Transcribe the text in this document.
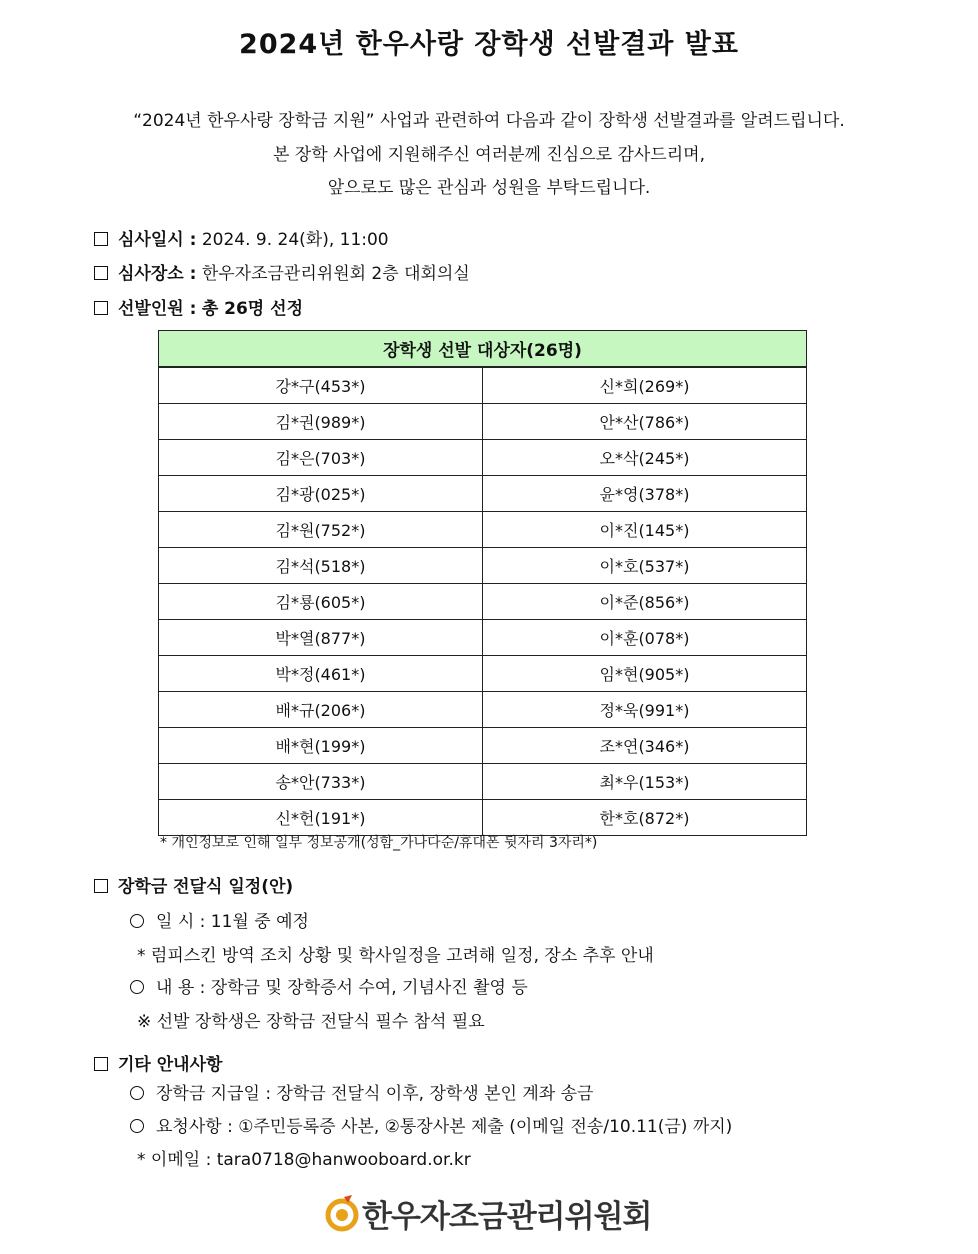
2024년 한우사랑 장학생 선발결과 발표
“2024년 한우사랑 장학금 지원” 사업과 관련하여 다음과 같이 장학생 선발결과를 알려드립니다.
본 장학 사업에 지원해주신 여러분께 진심으로 감사드리며,
앞으로도 많은 관심과 성원을 부탁드립니다.
심사일시 : 2024. 9. 24(화), 11:00
심사장소 : 한우자조금관리위원회 2층 대회의실
선발인원 : 총 26명 선정
장학생 선발 대상자(26명)	
강*구(453*)	신*희(269*)
김*권(989*)	안*산(786*)
김*은(703*)	오*삭(245*)
김*광(025*)	윤*영(378*)
김*원(752*)	이*진(145*)
김*석(518*)	이*호(537*)
김*룡(605*)	이*준(856*)
박*열(877*)	이*훈(078*)
박*정(461*)	임*현(905*)
배*규(206*)	정*욱(991*)
배*현(199*)	조*연(346*)
송*안(733*)	최*우(153*)
신*헌(191*)	한*호(872*)
* 개인정보로 인해 일부 정보공개(성함_가나다순/휴대폰 뒷자리 3자리*)
장학금 전달식 일정(안)
일 시 : 11월 중 예정
* 럼피스킨 방역 조치 상황 및 학사일정을 고려해 일정, 장소 추후 안내
내 용 : 장학금 및 장학증서 수여, 기념사진 촬영 등
※ 선발 장학생은 장학금 전달식 필수 참석 필요
기타 안내사항
장학금 지급일 : 장학금 전달식 이후, 장학생 본인 계좌 송금
요청사항 : ①주민등록증 사본, ②통장사본 제출 (이메일 전송/10.11(금) 까지)
* 이메일 : tara0718@hanwooboard.or.kr
한우자조금관리위원회
